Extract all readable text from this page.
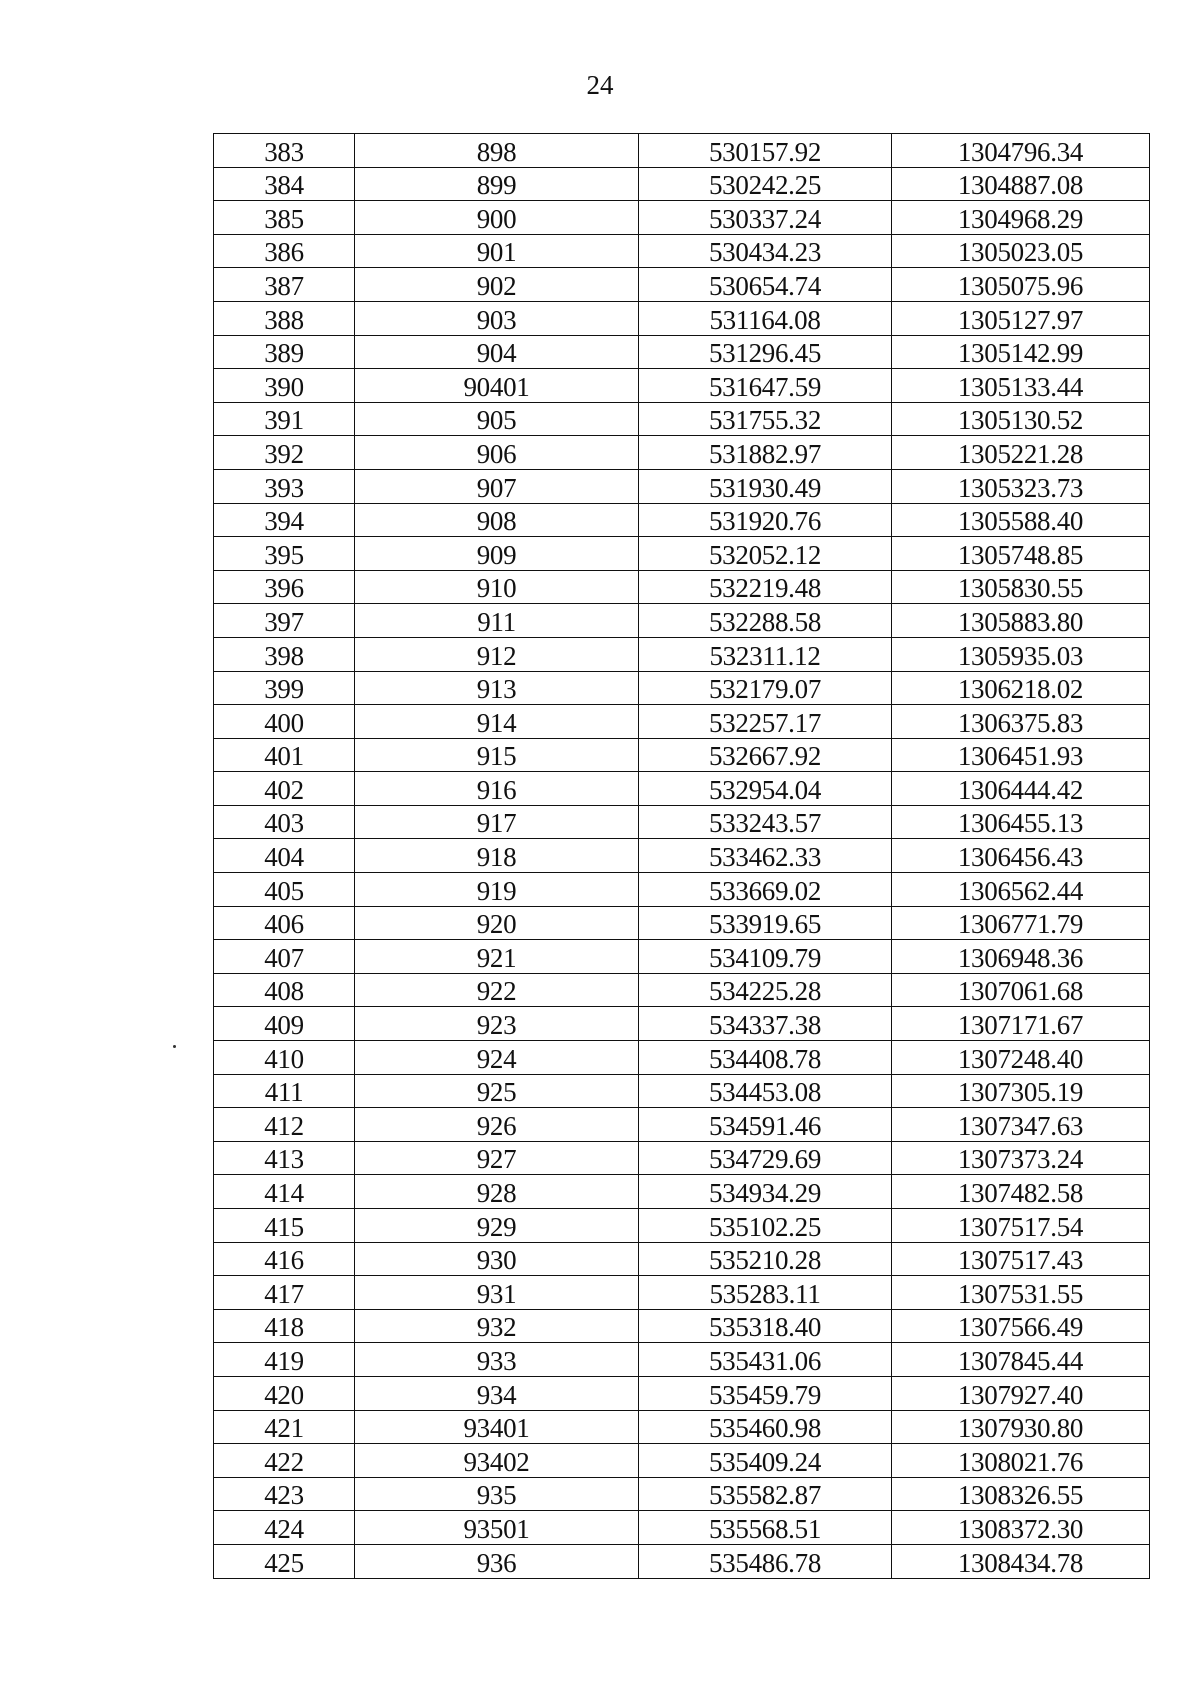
24
383	898	530157.92	1304796.34
384	899	530242.25	1304887.08
385	900	530337.24	1304968.29
386	901	530434.23	1305023.05
387	902	530654.74	1305075.96
388	903	531164.08	1305127.97
389	904	531296.45	1305142.99
390	90401	531647.59	1305133.44
391	905	531755.32	1305130.52
392	906	531882.97	1305221.28
393	907	531930.49	1305323.73
394	908	531920.76	1305588.40
395	909	532052.12	1305748.85
396	910	532219.48	1305830.55
397	911	532288.58	1305883.80
398	912	532311.12	1305935.03
399	913	532179.07	1306218.02
400	914	532257.17	1306375.83
401	915	532667.92	1306451.93
402	916	532954.04	1306444.42
403	917	533243.57	1306455.13
404	918	533462.33	1306456.43
405	919	533669.02	1306562.44
406	920	533919.65	1306771.79
407	921	534109.79	1306948.36
408	922	534225.28	1307061.68
409	923	534337.38	1307171.67
410	924	534408.78	1307248.40
411	925	534453.08	1307305.19
412	926	534591.46	1307347.63
413	927	534729.69	1307373.24
414	928	534934.29	1307482.58
415	929	535102.25	1307517.54
416	930	535210.28	1307517.43
417	931	535283.11	1307531.55
418	932	535318.40	1307566.49
419	933	535431.06	1307845.44
420	934	535459.79	1307927.40
421	93401	535460.98	1307930.80
422	93402	535409.24	1308021.76
423	935	535582.87	1308326.55
424	93501	535568.51	1308372.30
425	936	535486.78	1308434.78
